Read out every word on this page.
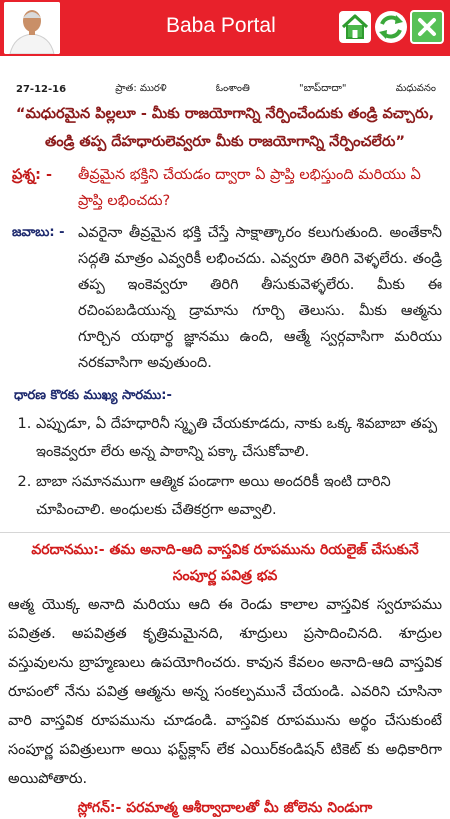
Baba Portal
27-12-16	ప్రాత: మురళి	ఓంశాంతి	"బాప్‌దాదా"	మధువనం
“మధురమైన పిల్లలూ - మీకు రాజయోగాన్ని నేర్పించేందుకు తండ్రి వచ్చారు, తండ్రి తప్ప దేహధారులెవ్వరూ మీకు రాజయోగాన్ని నేర్పించలేరు”
ప్రశ్న: -	తీవ్రమైన భక్తిని చేయడం ద్వారా ఏ ప్రాప్తి లభిస్తుంది మరియు ఏ ప్రాప్తి లభించదు?
జవాబు: - ఎవరైనా తీవ్రమైన భక్తి చేస్తే సాక్షాత్కారం కలుగుతుంది. అంతేకానీ సద్గతి మాత్రం ఎవ్వరికీ లభించదు. ఎవ్వరూ తిరిగి వెళ్ళలేరు. తండ్రి తప్ప ఇంకెవ్వరూ తిరిగి తీసుకువెళ్ళలేరు. మీకు ఈ రచింపబడియున్న డ్రామాను గూర్చి తెలుసు. మీకు ఆత్మను గూర్చిన యథార్థ జ్ఞానము ఉంది, ఆత్మే స్వర్గవాసిగా మరియు నరకవాసిగా అవుతుంది.
ధారణ కొరకు ముఖ్య సారము:-
1. ఎప్పుడూ, ఏ దేహధారినీ స్మృతి చేయకూడదు, నాకు ఒక్క శివబాబా తప్ప ఇంకెవ్వరూ లేరు అన్న పాఠాన్ని పక్కా చేసుకోవాలి.
2. బాబా సమానముగా ఆత్మిక పండాగా అయి అందరికీ ఇంటి దారిని చూపించాలి. అంధులకు చేతికర్రగా అవ్వాలి.
వరదానము:- తమ అనాది-ఆది వాస్తవిక రూపమును రియలైజ్ చేసుకునే సంపూర్ణ పవిత్ర భవ
ఆత్మ యొక్క అనాది మరియు ఆది ఈ రెండు కాలాల వాస్తవిక స్వరూపము పవిత్రత. అపవిత్రత కృత్రిమమైనది, శూద్రులు ప్రసాదించినది. శూద్రుల వస్తువులను బ్రాహ్మణులు ఉపయోగించరు. కావున కేవలం అనాది-ఆది వాస్తవిక రూపంలో నేను పవిత్ర ఆత్మను అన్న సంకల్పమునే చేయండి. ఎవరిని చూసినా వారి వాస్తవిక రూపమును చూడండి. వాస్తవిక రూపమును అర్థం చేసుకుంటే సంపూర్ణ పవిత్రులుగా అయి ఫస్ట్‌క్లాస్ లేక ఎయిర్‌కండిషన్ టికెట్ కు అధికారిగా అయిపోతారు.
స్లోగన్:- పరమాత్మ ఆశీర్వాదాలతో మీ జోలెను నిండుగా
